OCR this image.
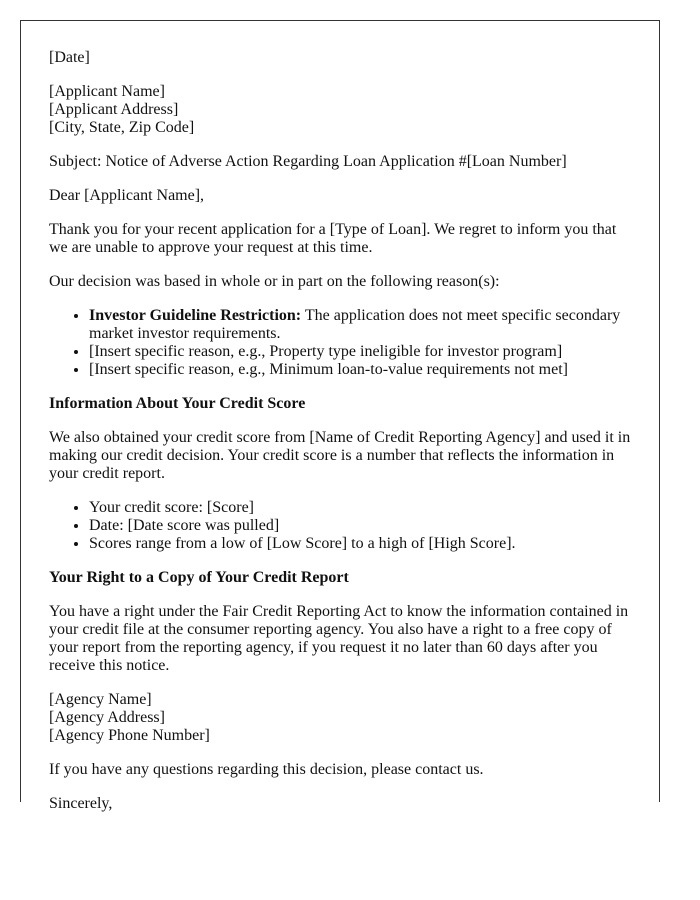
[Date]

[Applicant Name]

[Applicant Address]

[City, State, Zip Code]

Subject: Notice of Adverse Action Regarding Loan Application #[Loan Number]

Dear [Applicant Name],

Thank you for your recent application for a [Type of Loan]. We regret to inform you that we are unable to approve your request at this time.

Our decision was based in whole or in part on the following reason(s):

• Investor Guideline Restriction: The application does not meet specific secondary market investor requirements.
• [Insert specific reason, e.g., Property type ineligible for investor program]
• [Insert specific reason, e.g., Minimum loan-to-value requirements not met]
Information About Your Credit Score

We also obtained your credit score from [Name of Credit Reporting Agency] and used it in making our credit decision. Your credit score is a number that reflects the information in your credit report.

• Your credit score: [Score]
• Date: [Date score was pulled]
• Scores range from a low of [Low Score] to a high of [High Score].
Your Right to a Copy of Your Credit Report

You have a right under the Fair Credit Reporting Act to know the information contained in your credit file at the consumer reporting agency. You also have a right to a free copy of your report from the reporting agency, if you request it no later than 60 days after you receive this notice.

[Agency Name]

[Agency Address]

[Agency Phone Number]

If you have any questions regarding this decision, please contact us.

Sincerely,
